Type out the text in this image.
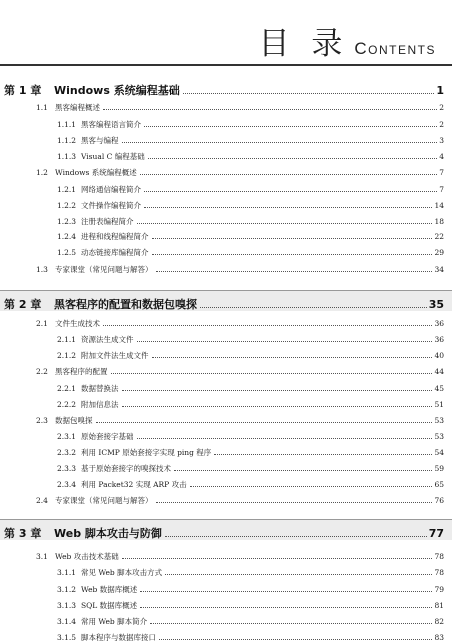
目 录 Contents
第 1 章	Windows 系统编程基础	1
1.1 黑客编程概述	2
1.1.1 黑客编程语言简介	2
1.1.2 黑客与编程	3
1.1.3 Visual C 编程基础	4
1.2 Windows 系统编程概述	7
1.2.1 网络通信编程简介	7
1.2.2 文件操作编程简介	14
1.2.3 注册表编程简介	18
1.2.4 进程和线程编程简介	22
1.2.5 动态链接库编程简介	29
1.3 专家课堂（常见问题与解答）	34
第 2 章	黑客程序的配置和数据包嗅探	35
2.1 文件生成技术	36
2.1.1 资源法生成文件	36
2.1.2 附加文件法生成文件	40
2.2 黑客程序的配置	44
2.2.1 数据替换法	45
2.2.2 附加信息法	51
2.3 数据包嗅探	53
2.3.1 原始套接字基础	53
2.3.2 利用 ICMP 原始套接字实现 ping 程序	54
2.3.3 基于原始套接字的嗅探技术	59
2.3.4 利用 Packet32 实现 ARP 攻击	65
2.4 专家课堂（常见问题与解答）	76
第 3 章	Web 脚本攻击与防御	77
3.1 Web 攻击技术基础	78
3.1.1 常见 Web 脚本攻击方式	78
3.1.2 Web 数据库概述	79
3.1.3 SQL 数据库概述	81
3.1.4 常用 Web 脚本简介	82
3.1.5 脚本程序与数据库接口	83
